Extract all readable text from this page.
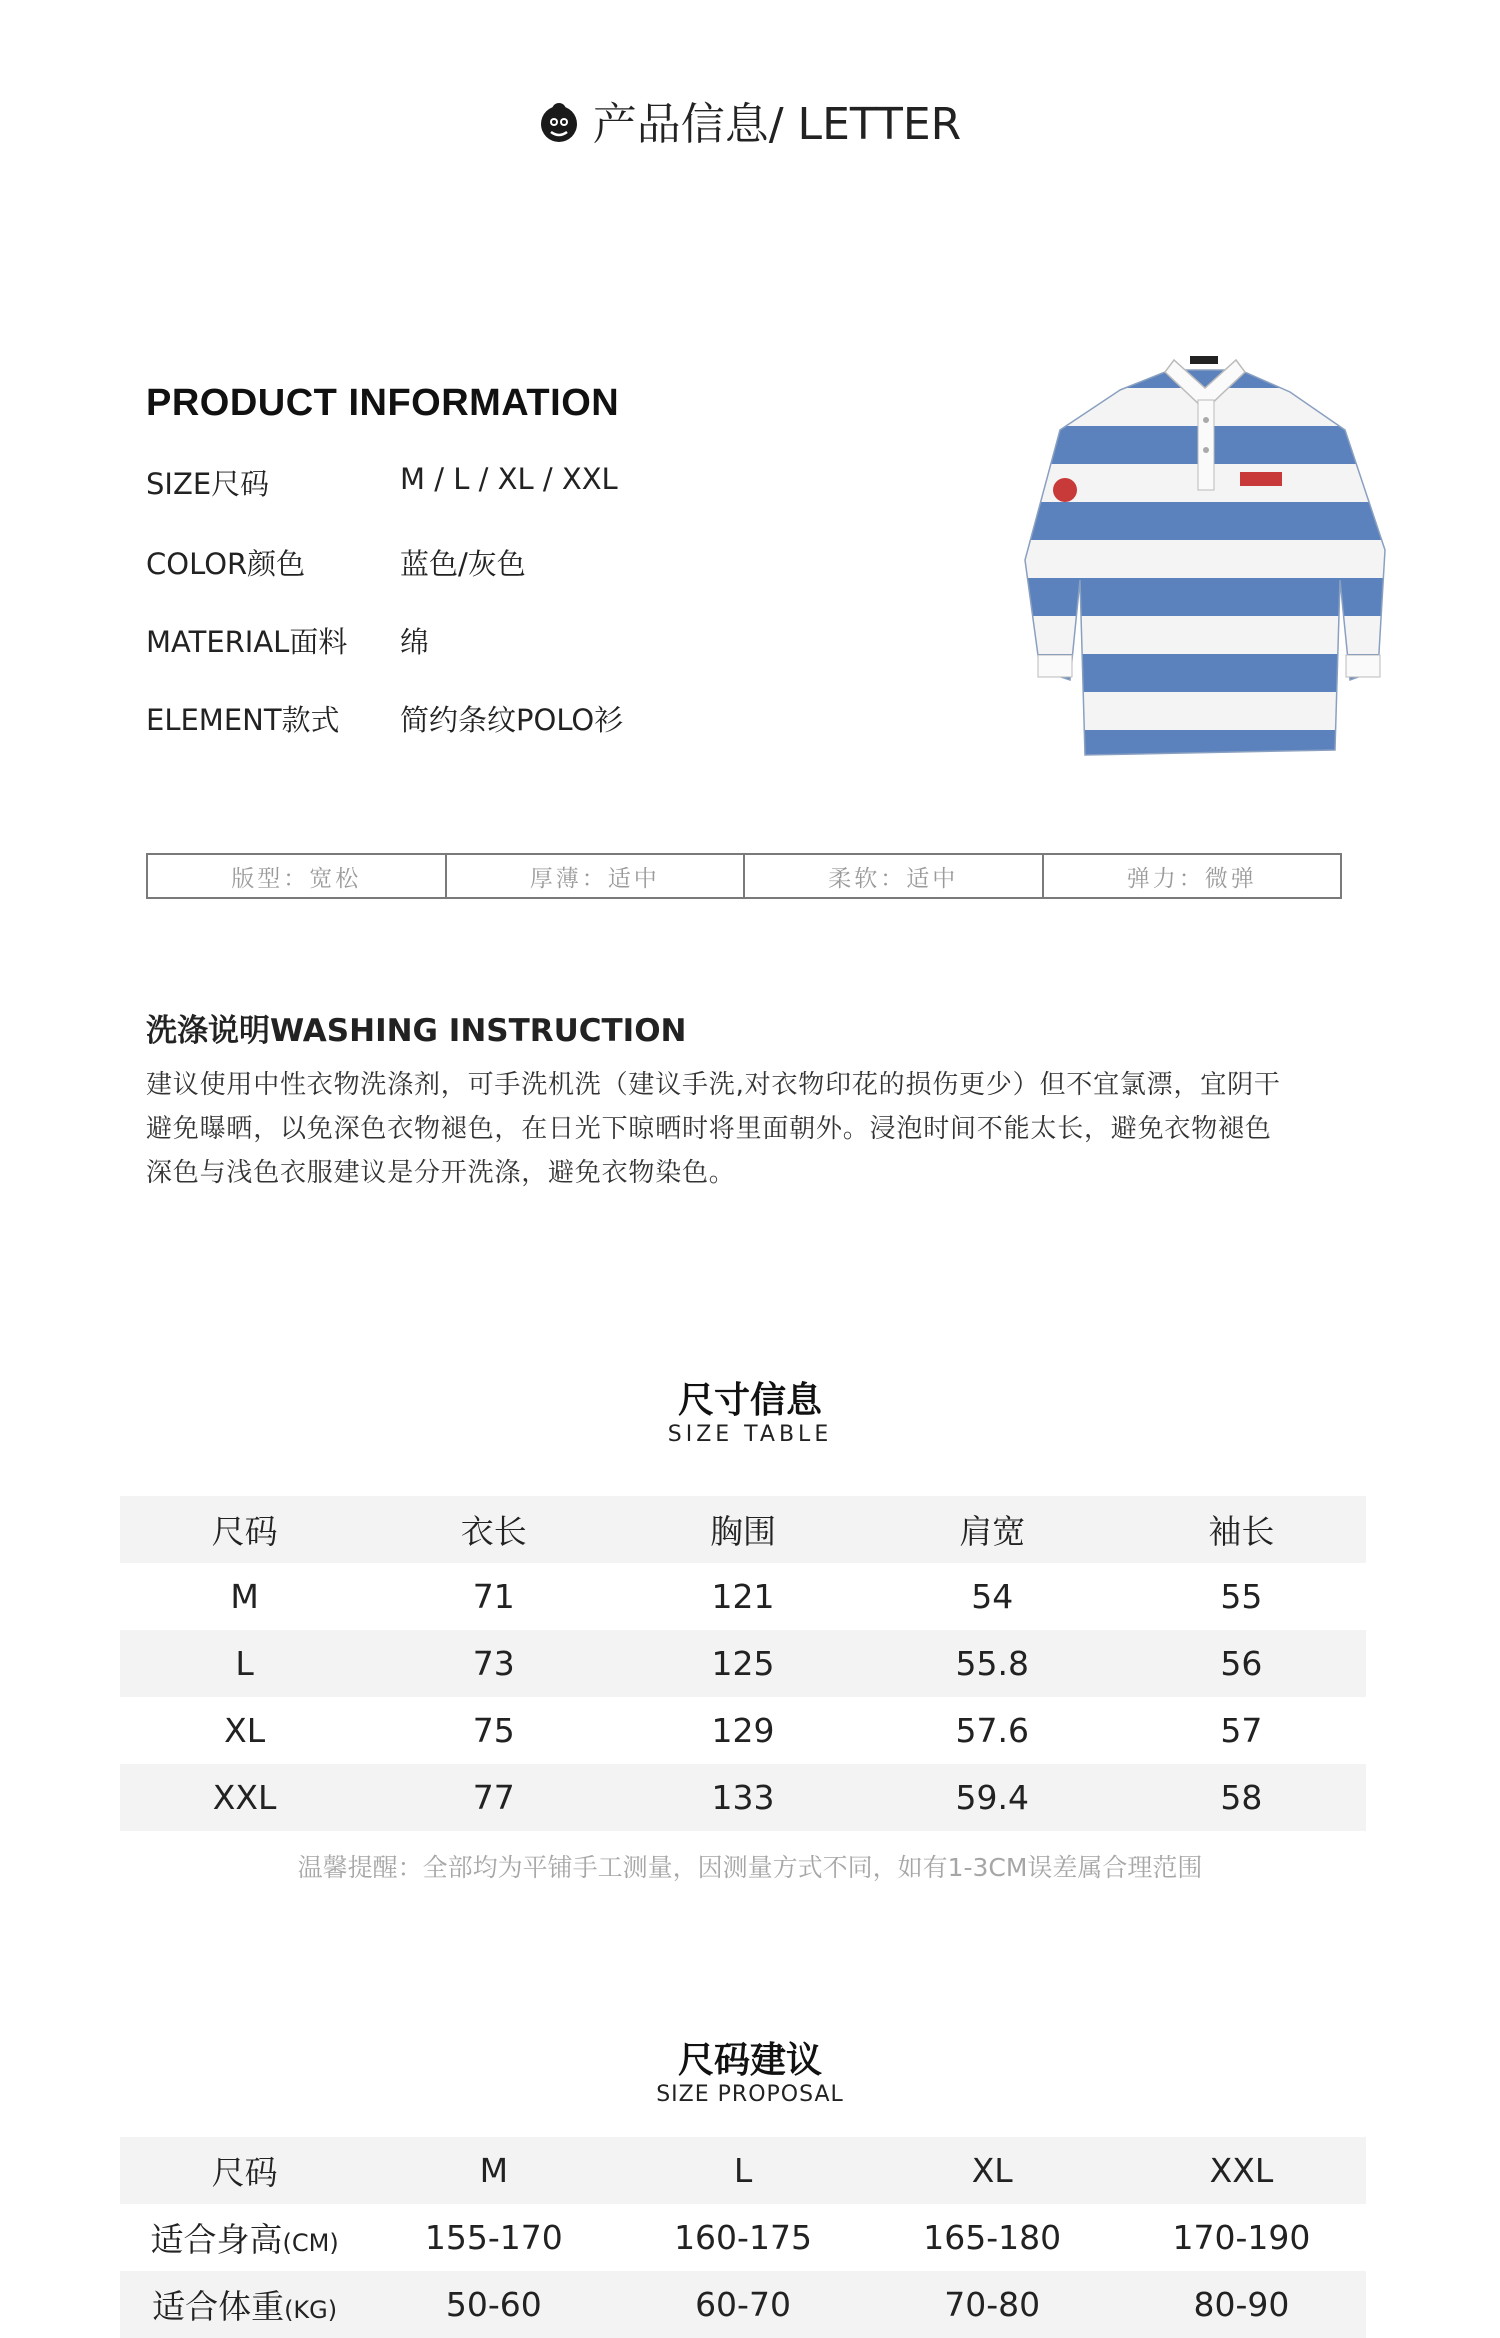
产品信息/ LETTER
PRODUCT INFORMATION
SIZE尺码	M / L / XL / XXL
COLOR颜色	蓝色/灰色
MATERIAL面料 绵
ELEMENT款式 简约条纹POLO衫
版型：宽松	厚薄：适中	柔软：适中	弹力：微弹
洗涤说明WASHING INSTRUCTION
建议使用中性衣物洗涤剂，可手洗机洗（建议手洗,对衣物印花的损伤更少）但不宜氯漂，宜阴干
避免曝晒，以免深色衣物褪色，在日光下晾晒时将里面朝外。浸泡时间不能太长，避免衣物褪色
深色与浅色衣服建议是分开洗涤，避免衣物染色。
尺寸信息
SIZE TABLE
尺码	衣长	胸围	肩宽	袖长
M	71	121	54	55
L	73	125	55.8	56
XL	75	129	57.6	57
XXL	77	133	59.4	58
温馨提醒：全部均为平铺手工测量，因测量方式不同，如有1-3CM误差属合理范围
尺码建议
SIZE PROPOSAL
尺码	M	L	XL	XXL
适合身高(CM)	155-170	160-175	165-180	170-190
适合体重(KG)	50-60	60-70	70-80	80-90
